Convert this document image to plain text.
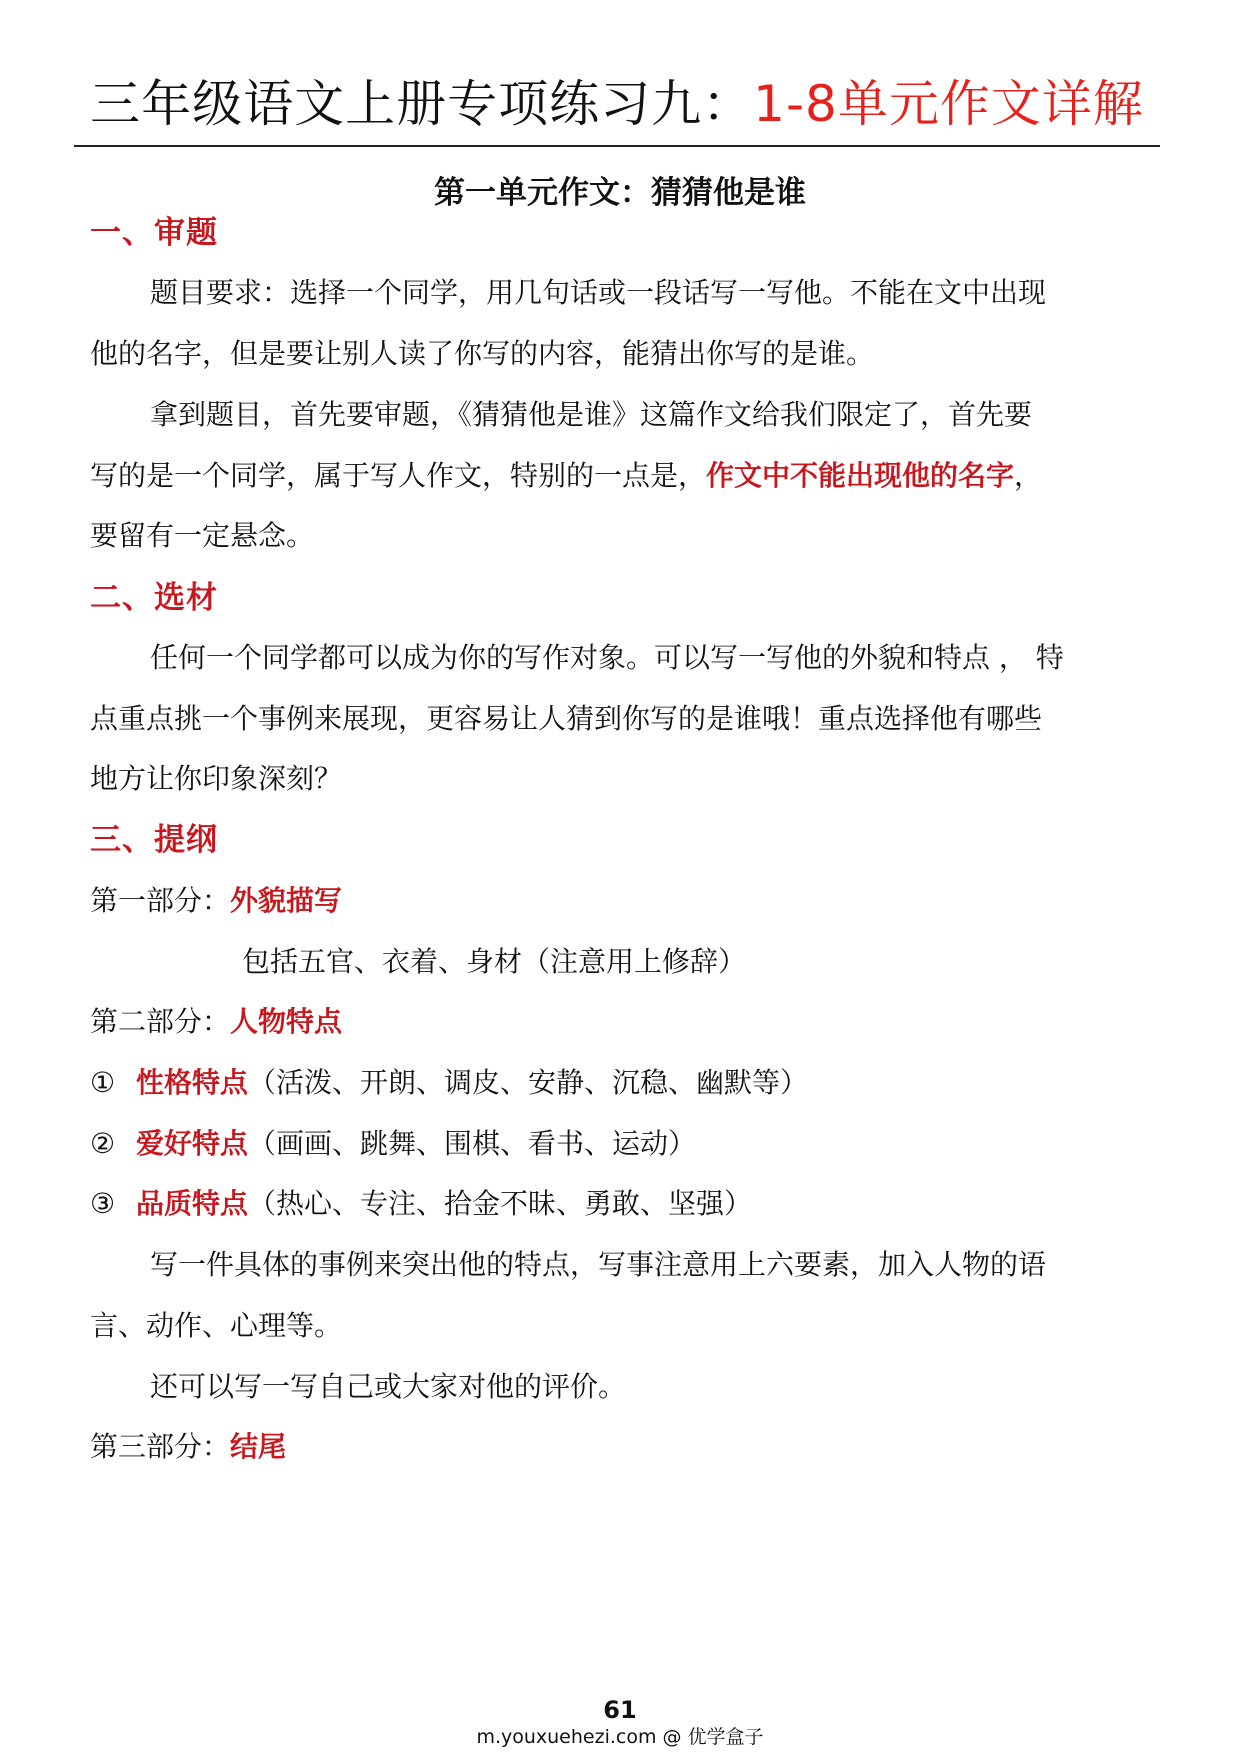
三年级语文上册专项练习九：1-8单元作文详解
第一单元作文：猜猜他是谁
一、审题
题目要求：选择一个同学，用几句话或一段话写一写他。不能在文中出现
他的名字，但是要让别人读了你写的内容，能猜出你写的是谁。
拿到题目，首先要审题，《猜猜他是谁》这篇作文给我们限定了，首先要
写的是一个同学，属于写人作文，特别的一点是，作文中不能出现他的名字，
要留有一定悬念。
二、选材
任何一个同学都可以成为你的写作对象。可以写一写他的外貌和特点 ， 特
点重点挑一个事例来展现，更容易让人猜到你写的是谁哦！重点选择他有哪些
地方让你印象深刻？
三、提纲
第一部分：外貌描写
包括五官、衣着、身材（注意用上修辞）
第二部分：人物特点
① 性格特点（活泼、开朗、调皮、安静、沉稳、幽默等）
② 爱好特点（画画、跳舞、围棋、看书、运动）
③ 品质特点（热心、专注、拾金不昧、勇敢、坚强）
写一件具体的事例来突出他的特点，写事注意用上六要素，加入人物的语
言、动作、心理等。
还可以写一写自己或大家对他的评价。
第三部分：结尾
61
m.youxuehezi.com @ 优学盒子
